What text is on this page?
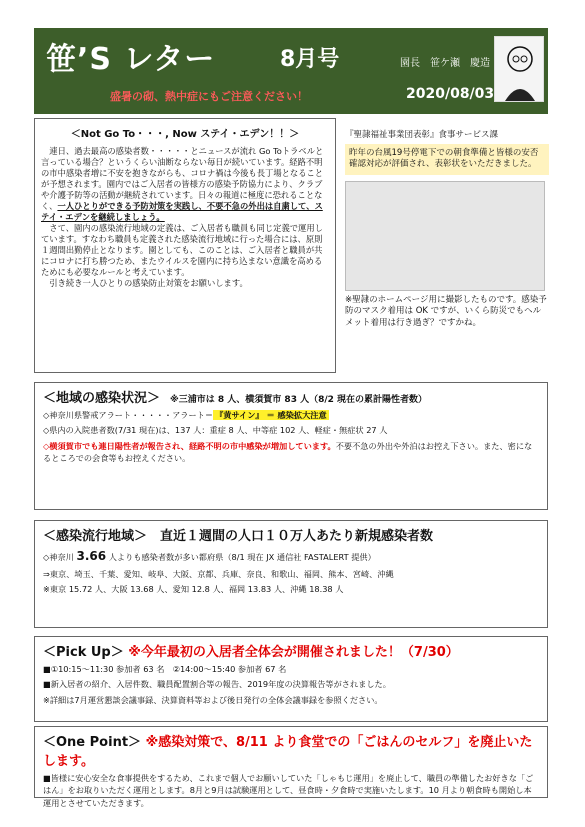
笹’S レター	8月号	園長　笹ケ瀬　慶造
盛暑の砌、熱中症にもご注意ください！	2020/08/03
＜Not Go To・・・, Now ステイ・エデン！！＞

連日、過去最高の感染者数・・・・・とニュースが流れ Go Toトラベルと言っている場合？というくらい油断ならない毎日が続いています。経路不明の市中感染者増に不安を抱きながらも、コロナ禍は今後も長丁場となることが予想されます。園内ではご入居者の皆様方の感染予防協力により、クラブや介護予防等の活動が継続されています。日々の報道に極度に恐れることなく、一人ひとりができる予防対策を実践し、不要不急の外出は自粛して、ステイ・エデンを継続しましょう。

さて、園内の感染流行地域の定義は、ご入居者も職員も同じ定義で運用しています。すなわち職員も定義された感染流行地域に行った場合には、原則１週間出勤停止となります。園としても、このことは、ご入居者と職員が共にコロナに打ち勝つため、またウイルスを園内に持ち込まない意識を高めるためにも必要なルールと考えています。

引き続き一人ひとりの感染防止対策をお願いします。

『聖隷福祉事業団表彰』食事サービス課
昨年の台風19号停電下での朝食準備と皆様の安否確認対応が評価され、表彰状をいただきました。
※聖隷のホームページ用に撮影したものです。感染予防のマスク着用は OK ですが、いくら防災でもヘルメット着用は行き過ぎ？ですかね。
＜地域の感染状況＞ ※三浦市は 8 人、横須賀市 83 人（8/2 現在の累計陽性者数）
◇神奈川県警戒アラート・・・・・アラート＝ 『黄サイン』 ＝ 感染拡大注意
◇県内の入院患者数(7/31 現在)は、137 人：重症 8 人、中等症 102 人、軽症・無症状 27 人
◇横須賀市でも連日陽性者が報告され、経路不明の市中感染が増加しています。不要不急の外出や外泊はお控え下さい。また、密になるところでの会食等もお控えください。
＜感染流行地域＞　直近１週間の人口１０万人あたり新規感染者数
◇神奈川 3.66 人よりも感染者数が多い都府県（8/1 現在 JX 通信社 FASTALERT 提供）
⇒東京、埼玉、千葉、愛知、岐阜、大阪、京都、兵庫、奈良、和歌山、福岡、熊本、宮崎、沖縄
※東京 15.72 人、大阪 13.68 人、愛知 12.8 人、福岡 13.83 人、沖縄 18.38 人
＜Pick Up＞ ※今年最初の入居者全体会が開催されました！（7/30）
■①10:15～11:30 参加者 63 名　②14:00～15:40 参加者 67 名
■新入居者の紹介、入居件数、職員配置割合等の報告、2019年度の決算報告等がされました。
※詳細は7月運営懇談会議事録、決算資料等および後日発行の全体会議事録を参照ください。
＜One Point＞ ※感染対策で、8/11 より食堂での「ごはんのセルフ」を廃止いたします。
■皆様に安心安全な食事提供をするため、これまで個人でお願いしていた「しゃもじ運用」を廃止して、職員の準備したお好きな「ごはん」をお取りいただく運用とします。8月と9月は試験運用として、昼食時・夕食時で実施いたします。10 月より朝食時も開始し本運用とさせていただきます。
